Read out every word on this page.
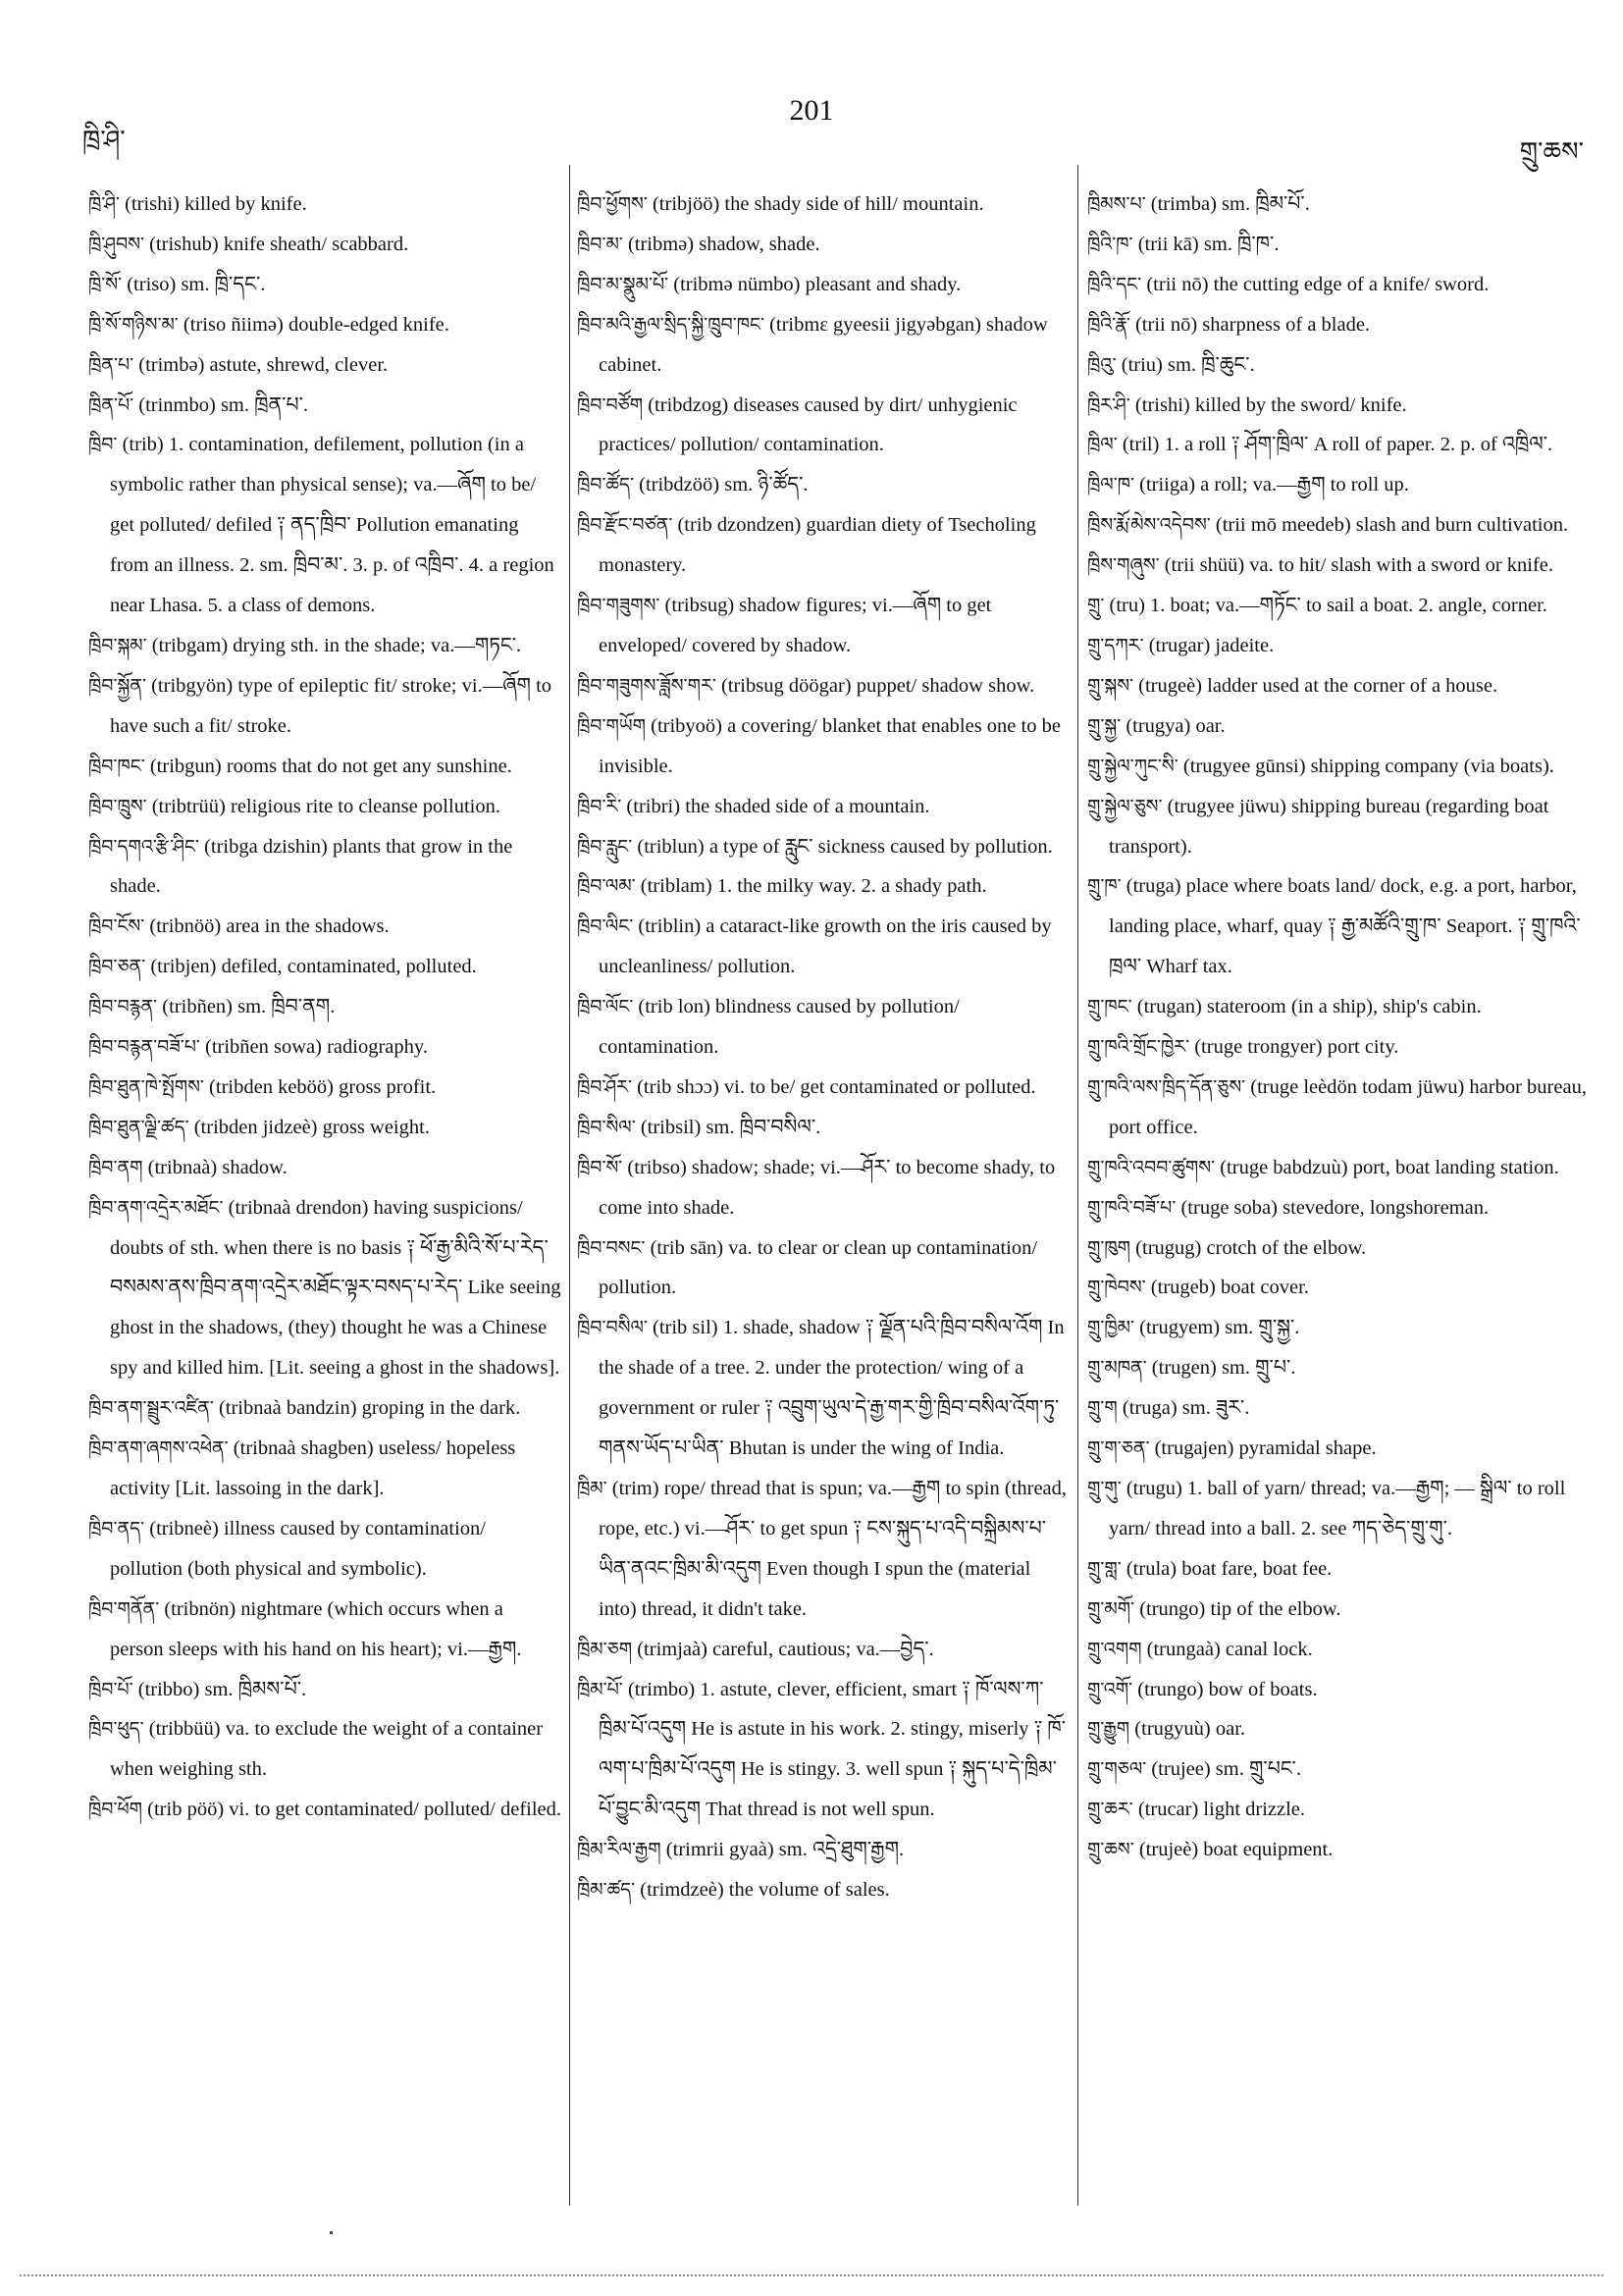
ཁྲི་ཤི་
201
གྲུ་ཆས་

ཁྲི་ཤི་ (trishi) killed by knife.

ཁྲི་ཤུབས་ (trishub) knife sheath/ scabbard.

ཁྲི་སོ་ (triso) sm. ཁྲི་དང་.

ཁྲི་སོ་གཉིས་མ་ (triso ñiimə) double-edged knife.

ཁྲིན་པ་ (trimbə) astute, shrewd, clever.

ཁྲིན་པོ་ (trinmbo) sm. ཁྲིན་པ་.

ཁྲིབ་ (trib) 1. contamination, defilement, pollution (in a symbolic rather than physical sense); va.—ཞོག to be/ get polluted/ defiled ༑ ནད་ཁྲིབ་ Pollution emanating from an illness. 2. sm. ཁྲིབ་མ་. 3. p. of འཁྲིབ་. 4. a region near Lhasa. 5. a class of demons.

ཁྲིབ་སྐམ་ (tribgam) drying sth. in the shade; va.—གཏང་.

ཁྲིབ་སྐྱོན་ (tribgyön) type of epileptic fit/ stroke; vi.—ཞོག to have such a fit/ stroke.

ཁྲིབ་ཁང་ (tribgun) rooms that do not get any sunshine.

ཁྲིབ་ཁྲུས་ (tribtrüü) religious rite to cleanse pollution.

ཁྲིབ་དགའ་རྩི་ཤིང་ (tribga dzishin) plants that grow in the shade.

ཁྲིབ་ངོས་ (tribnöö) area in the shadows.

ཁྲིབ་ཅན་ (tribjen) defiled, contaminated, polluted.

ཁྲིབ་བརྙན་ (tribñen) sm. ཁྲིབ་ནག.

ཁྲིབ་བརྙན་བཟོ་པ་ (tribñen sowa) radiography.

ཁྲིབ་ཐུན་ཁེ་སྤོགས་ (tribden keböö) gross profit.

ཁྲིབ་ཐུན་ལྗི་ཚད་ (tribden jidzeè) gross weight.

ཁྲིབ་ནག (tribnaà) shadow.

ཁྲིབ་ནག་འདྲེར་མཐོང་ (tribnaà drendon) having suspicions/ doubts of sth. when there is no basis ༑ ཕོ་རྒྱ་མིའི་སོ་པ་རེད་བསམས་ནས་ཁྲིབ་ནག་འདྲེར་མཐོང་ལྟར་བསད་པ་རེད་ Like seeing ghost in the shadows, (they) thought he was a Chinese spy and killed him. [Lit. seeing a ghost in the shadows].

ཁྲིབ་ནག་སྦྲུར་འཛིན་ (tribnaà bandzin) groping in the dark.

ཁྲིབ་ནག་ཞགས་འཕེན་ (tribnaà shagben) useless/ hopeless activity [Lit. lassoing in the dark].

ཁྲིབ་ནད་ (tribneè) illness caused by contamination/ pollution (both physical and symbolic).

ཁྲིབ་གནོན་ (tribnön) nightmare (which occurs when a person sleeps with his hand on his heart); vi.—རྒྱག.

ཁྲིབ་པོ་ (tribbo) sm. ཁྲིམས་པོ་.

ཁྲིབ་ཕུད་ (tribbüü) va. to exclude the weight of a container when weighing sth.

ཁྲིབ་ཕོག (trib pöö) vi. to get contaminated/ polluted/ defiled.

ཁྲིབ་ཕྱོགས་ (tribjöö) the shady side of hill/ mountain.

ཁྲིབ་མ་ (tribmə) shadow, shade.

ཁྲིབ་མ་སྣུམ་པོ་ (tribmə nümbo) pleasant and shady.

ཁྲིབ་མའི་རྒྱལ་སྲིད་སྐྱི་ཁྲུབ་ཁང་ (tribmɛ gyeesii jigyəbgan) shadow cabinet.

ཁྲིབ་བཙོག (tribdzog) diseases caused by dirt/ unhygienic practices/ pollution/ contamination.

ཁྲིབ་ཚོད་ (tribdzöö) sm. ཉི་ཚོད་.

ཁྲིབ་རྫོང་བཙན་ (trib dzondzen) guardian diety of Tsecholing monastery.

ཁྲིབ་གཟུགས་ (tribsug) shadow figures; vi.—ཞོག to get enveloped/ covered by shadow.

ཁྲིབ་གཟུགས་ཟློས་གར་ (tribsug döögar) puppet/ shadow show.

ཁྲིབ་གཡོག (tribyoö) a covering/ blanket that enables one to be invisible.

ཁྲིབ་རི་ (tribri) the shaded side of a mountain.

ཁྲིབ་རླུང་ (triblun) a type of རླུང་ sickness caused by pollution.

ཁྲིབ་ལམ་ (triblam) 1. the milky way. 2. a shady path.

ཁྲིབ་ལིང་ (triblin) a cataract-like growth on the iris caused by uncleanliness/ pollution.

ཁྲིབ་ལོང་ (trib lon) blindness caused by pollution/ contamination.

ཁྲིབ་ཤོར་ (trib shɔɔ) vi. to be/ get contaminated or polluted.

ཁྲིབ་སིལ་ (tribsil) sm. ཁྲིབ་བསིལ་.

ཁྲིབ་སོ་ (tribso) shadow; shade; vi.—ཤོར་ to become shady, to come into shade.

ཁྲིབ་བསང་ (trib sān) va. to clear or clean up contamination/ pollution.

ཁྲིབ་བསིལ་ (trib sil) 1. shade, shadow ༑ ལྗོན་པའི་ཁྲིབ་བསིལ་འོག In the shade of a tree. 2. under the protection/ wing of a government or ruler ༑ འབྲུག་ཡུལ་དེ་རྒྱ་གར་གྱི་ཁྲིབ་བསིལ་འོག་ཏུ་གནས་ཡོད་པ་ཡིན་ Bhutan is under the wing of India.

ཁྲིམ་ (trim) rope/ thread that is spun; va.—རྒྱག to spin (thread, rope, etc.) vi.—ཤོར་ to get spun ༑ ངས་སྐུད་པ་འདི་བསྐྲིམས་པ་ཡིན་ནའང་ཁྲིམ་མི་འདུག Even though I spun the (material into) thread, it didn't take.

ཁྲིམ་ཅག (trimjaà) careful, cautious; va.—བྱེད་.

ཁྲིམ་པོ་ (trimbo) 1. astute, clever, efficient, smart ༑ ཁོ་ལས་ཀ་ཁྲིམ་པོ་འདུག He is astute in his work. 2. stingy, miserly ༑ ཁོ་ལག་པ་ཁྲིམ་པོ་འདུག He is stingy. 3. well spun ༑ སྐུད་པ་དེ་ཁྲིམ་པོ་བྱུང་མི་འདུག That thread is not well spun.

ཁྲིམ་རིལ་རྒྱག (trimrii gyaà) sm. འདྲེ་ཐུག་རྒྱག.

ཁྲིམ་ཚད་ (trimdzeè) the volume of sales.

ཁྲིམས་པ་ (trimba) sm. ཁྲིམ་པོ་.

ཁྲིའི་ཁ་ (trii kā) sm. ཁྲི་ཁ་.

ཁྲིའི་དང་ (trii nō) the cutting edge of a knife/ sword.

ཁྲིའི་རྣོ་ (trii nō) sharpness of a blade.

ཁྲིའུ་ (triu) sm. ཁྲི་ཆུང་.

ཁྲིར་ཤི་ (trishi) killed by the sword/ knife.

ཁྲིལ་ (tril) 1. a roll ༑ ཤོག་ཁྲིལ་ A roll of paper. 2. p. of འཁྲིལ་.

ཁྲིལ་ཁ་ (triiga) a roll; va.—རྒྱག to roll up.

ཁྲིས་རྨོ་མེས་འདེབས་ (trii mō meedeb) slash and burn cultivation.

ཁྲིས་གཞུས་ (trii shüü) va. to hit/ slash with a sword or knife.

གྲུ་ (tru) 1. boat; va.—གཏོང་ to sail a boat. 2. angle, corner.

གྲུ་དཀར་ (trugar) jadeite.

གྲུ་སྐས་ (trugeè) ladder used at the corner of a house.

གྲུ་སྐྱ་ (trugya) oar.

གྲུ་སྐྱེལ་ཀུང་སི་ (trugyee gūnsi) shipping company (via boats).

གྲུ་སྐྱེལ་ཅུས་ (trugyee jüwu) shipping bureau (regarding boat transport).

གྲུ་ཁ་ (truga) place where boats land/ dock, e.g. a port, harbor, landing place, wharf, quay ༑ རྒྱ་མཚོའི་གྲུ་ཁ་ Seaport. ༑ གྲུ་ཁའི་ཁྲལ་ Wharf tax.

གྲུ་ཁང་ (trugan) stateroom (in a ship), ship's cabin.

གྲུ་ཁའི་གྲོང་ཁྱེར་ (truge trongyer) port city.

གྲུ་ཁའི་ལས་ཁྲིད་དོན་ཅུས་ (truge leèdön todam jüwu) harbor bureau, port office.

གྲུ་ཁའི་འབབ་ཚུགས་ (truge babdzuù) port, boat landing station.

གྲུ་ཁའི་བཟོ་པ་ (truge soba) stevedore, longshoreman.

གྲུ་ཁུག (trugug) crotch of the elbow.

གྲུ་ཁེབས་ (trugeb) boat cover.

གྲུ་ཁྱིམ་ (trugyem) sm. གྲུ་སྐྱ་.

གྲུ་མཁན་ (trugen) sm. གྲུ་པ་.

གྲུ་ག (truga) sm. ཟུར་.

གྲུ་ག་ཅན་ (trugajen) pyramidal shape.

གྲུ་གུ་ (trugu) 1. ball of yarn/ thread; va.—རྒྱག; — སྒྲིལ་ to roll yarn/ thread into a ball. 2. see ཀད་ཅེད་གྲུ་གུ་.

གྲུ་གླ་ (trula) boat fare, boat fee.

གྲུ་མགོ་ (trungo) tip of the elbow.

གྲུ་འགག (trungaà) canal lock.

གྲུ་འགོ་ (trungo) bow of boats.

གྲུ་རྒྱུག (trugyuù) oar.

གྲུ་གཅལ་ (trujee) sm. གྲུ་པང་.

གྲུ་ཆར་ (trucar) light drizzle.

གྲུ་ཆས་ (trujeè) boat equipment.
